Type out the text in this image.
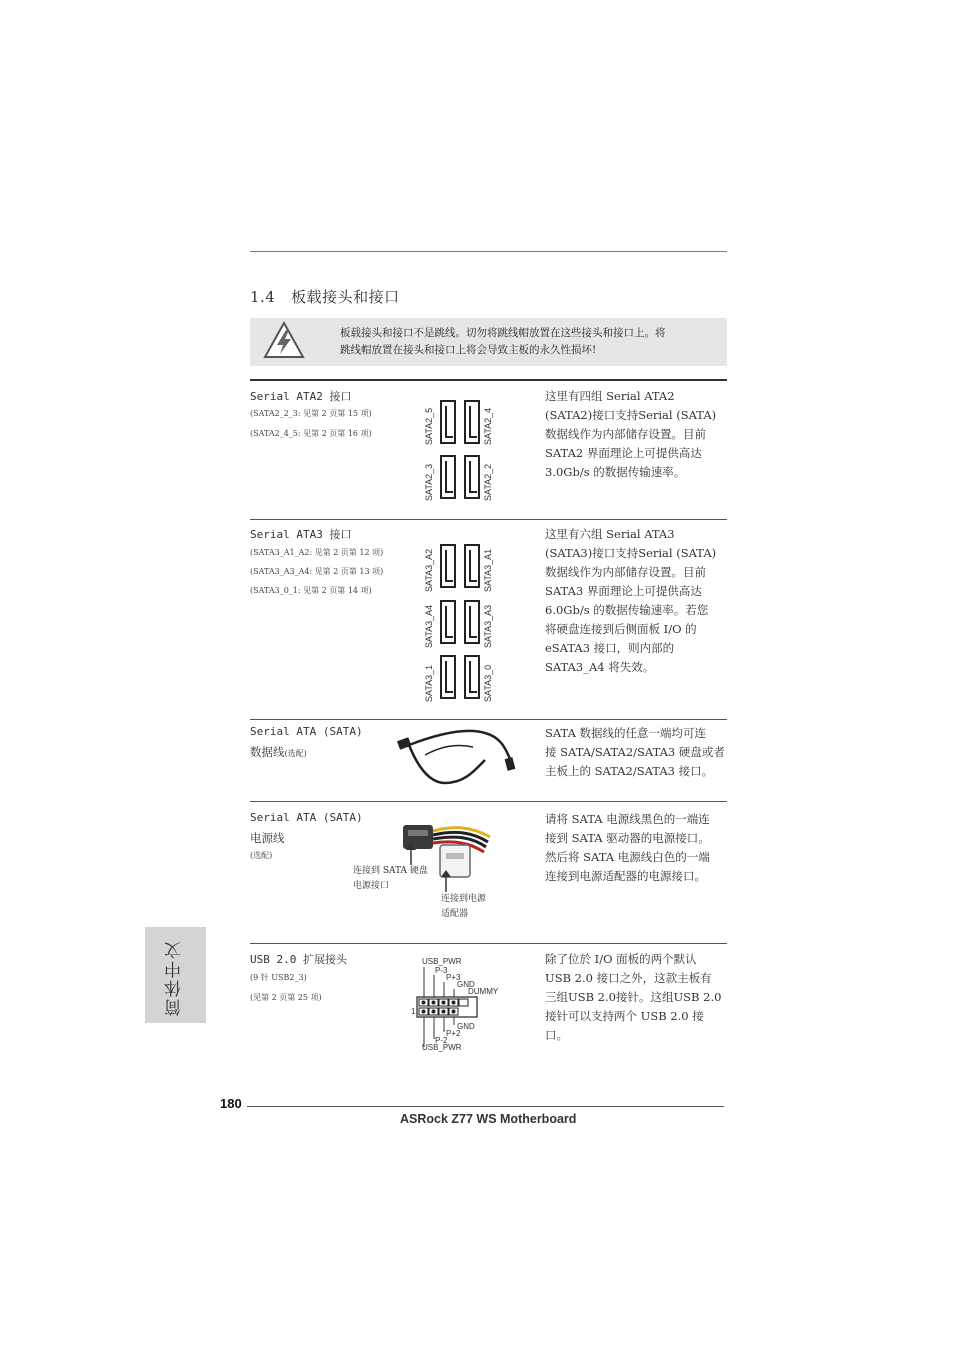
1.4 板载接头和接口
板载接头和接口不是跳线。切勿将跳线帽放置在这些接头和接口上。将
跳线帽放置在接头和接口上将会导致主板的永久性损坏!
Serial ATA2 接口
(SATA2_2_3: 见第 2 页第 15 项)
(SATA2_4_5: 见第 2 页第 16 项)	SATA2_5	SATA2_4
SATA2_3	SATA2_2
这里有四组 Serial ATA2
(SATA2)接口支持Serial (SATA)
数据线作为内部储存设置。目前
SATA2 界面理论上可提供高达
3.0Gb/s 的数据传输速率。
Serial ATA3 接口
(SATA3_A1_A2: 见第 2 页第 12 项)
(SATA3_A3_A4: 见第 2 页第 13 项)
(SATA3_0_1: 见第 2 页第 14 项)	SATA3_A2	SATA3_A1
SATA3_A4	SATA3_A3
SATA3_1	SATA3_0
这里有六组 Serial ATA3
(SATA3)接口支持Serial (SATA)
数据线作为内部储存设置。目前
SATA3 界面理论上可提供高达
6.0Gb/s 的数据传输速率。若您
将硬盘连接到后侧面板 I/O 的
eSATA3 接口，则内部的
SATA3_A4 将失效。
Serial ATA (SATA)
数据线(选配)
SATA 数据线的任意一端均可连
接 SATA/SATA2/SATA3 硬盘或者
主板上的 SATA2/SATA3 接口。
Serial ATA (SATA)
电源线
(选配)
连接到 SATA 硬盘
电源接口
连接到电源
适配器
请将 SATA 电源线黑色的一端连
接到 SATA 驱动器的电源接口。
然后将 SATA 电源线白色的一端
连接到电源适配器的电源接口。
USB 2.0 扩展接头
(9 针 USB2_3)
(见第 2 页第 25 项)
USB_PWR
P-3
P+3
GND
DUMMY
1
GND
P+2
P-2
USB_PWR
除了位於 I/O 面板的两个默认
USB 2.0 接口之外，这款主板有
三组USB 2.0接针。这组USB 2.0
接针可以支持两个 USB 2.0 接
口。
简体中文
180
ASRock Z77 WS Motherboard
